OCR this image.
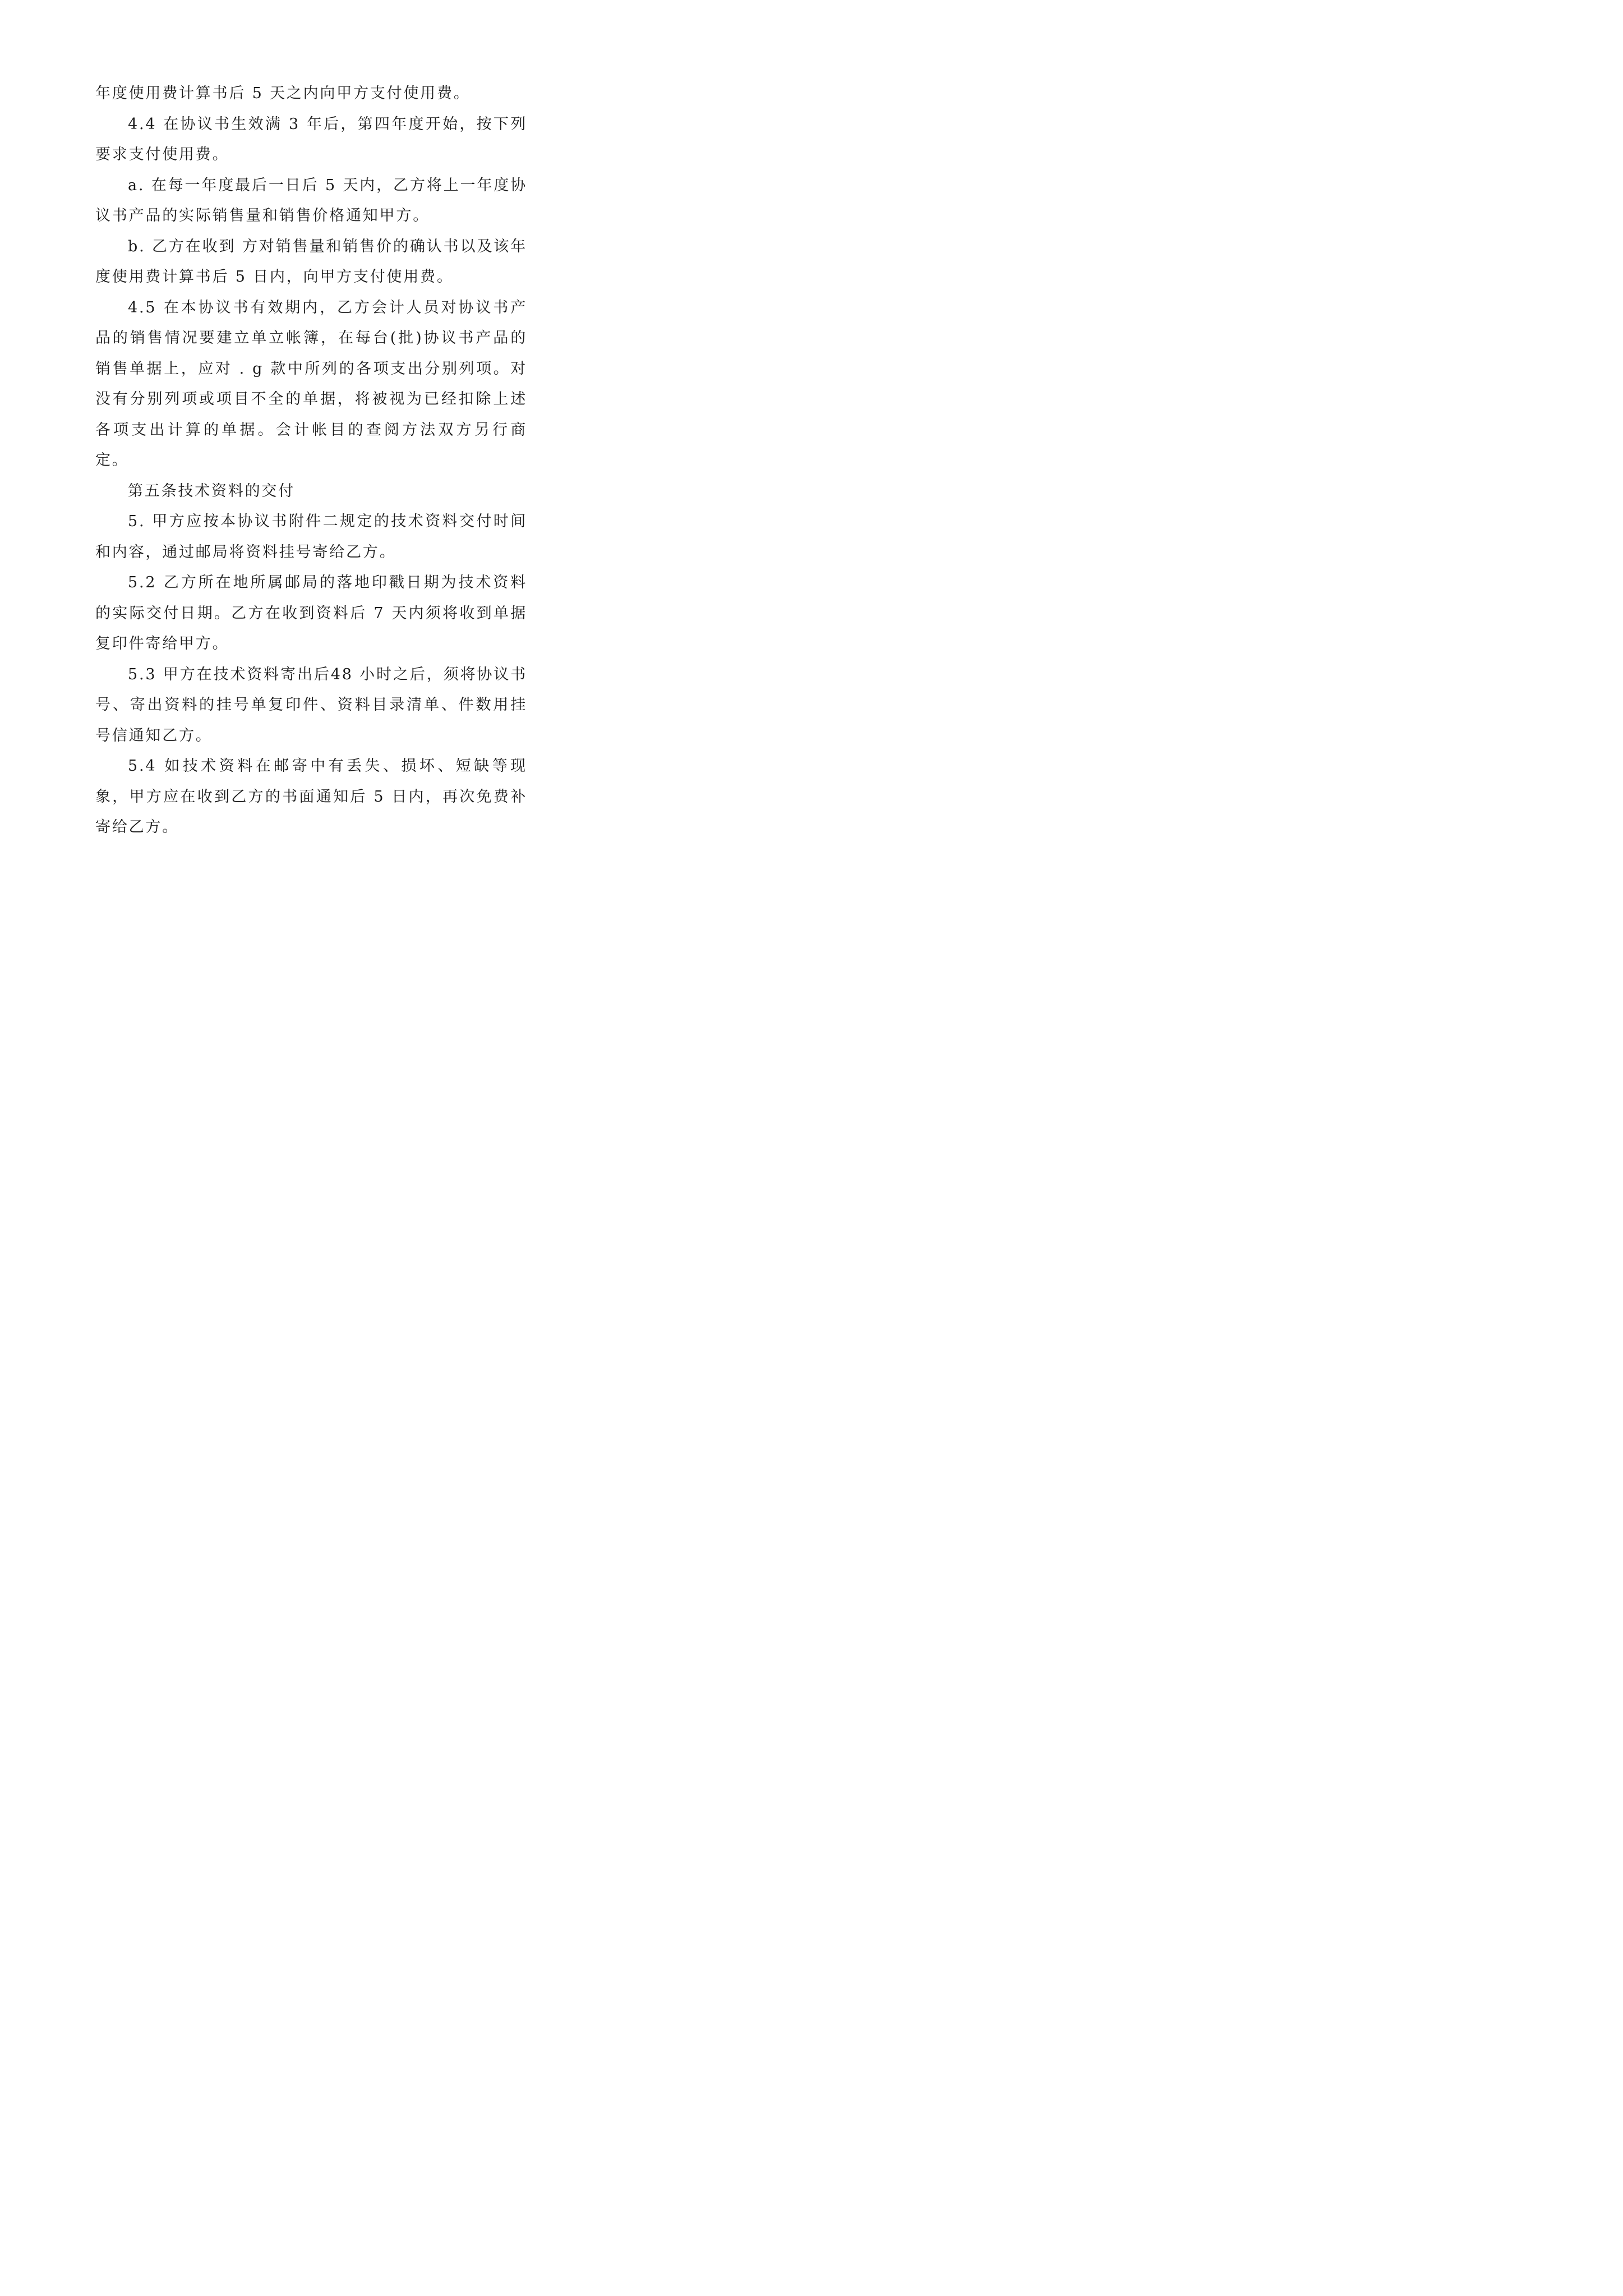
年度使用费计算书后 5 天之内向甲方支付使用费。

4.4 在协议书生效满 3 年后，第四年度开始，按下列要求支付使用费。

a. 在每一年度最后一日后 5 天内，乙方将上一年度协议书产品的实际销售量和销售价格通知甲方。

b. 乙方在收到 方对销售量和销售价的确认书以及该年度使用费计算书后 5 日内，向甲方支付使用费。

4.5 在本协议书有效期内，乙方会计人员对协议书产品的销售情况要建立单立帐簿，在每台(批)协议书产品的销售单据上，应对 . g 款中所列的各项支出分别列项。对没有分别列项或项目不全的单据，将被视为已经扣除上述各项支出计算的单据。会计帐目的查阅方法双方另行商定。

第五条技术资料的交付

5. 甲方应按本协议书附件二规定的技术资料交付时间和内容，通过邮局将资料挂号寄给乙方。

5.2 乙方所在地所属邮局的落地印戳日期为技术资料的实际交付日期。乙方在收到资料后 7 天内须将收到单据复印件寄给甲方。

5.3 甲方在技术资料寄出后48 小时之后，须将协议书号、寄出资料的挂号单复印件、资料目录清单、件数用挂号信通知乙方。

5.4 如技术资料在邮寄中有丢失、损坏、短缺等现象，甲方应在收到乙方的书面通知后 5 日内，再次免费补寄给乙方。
